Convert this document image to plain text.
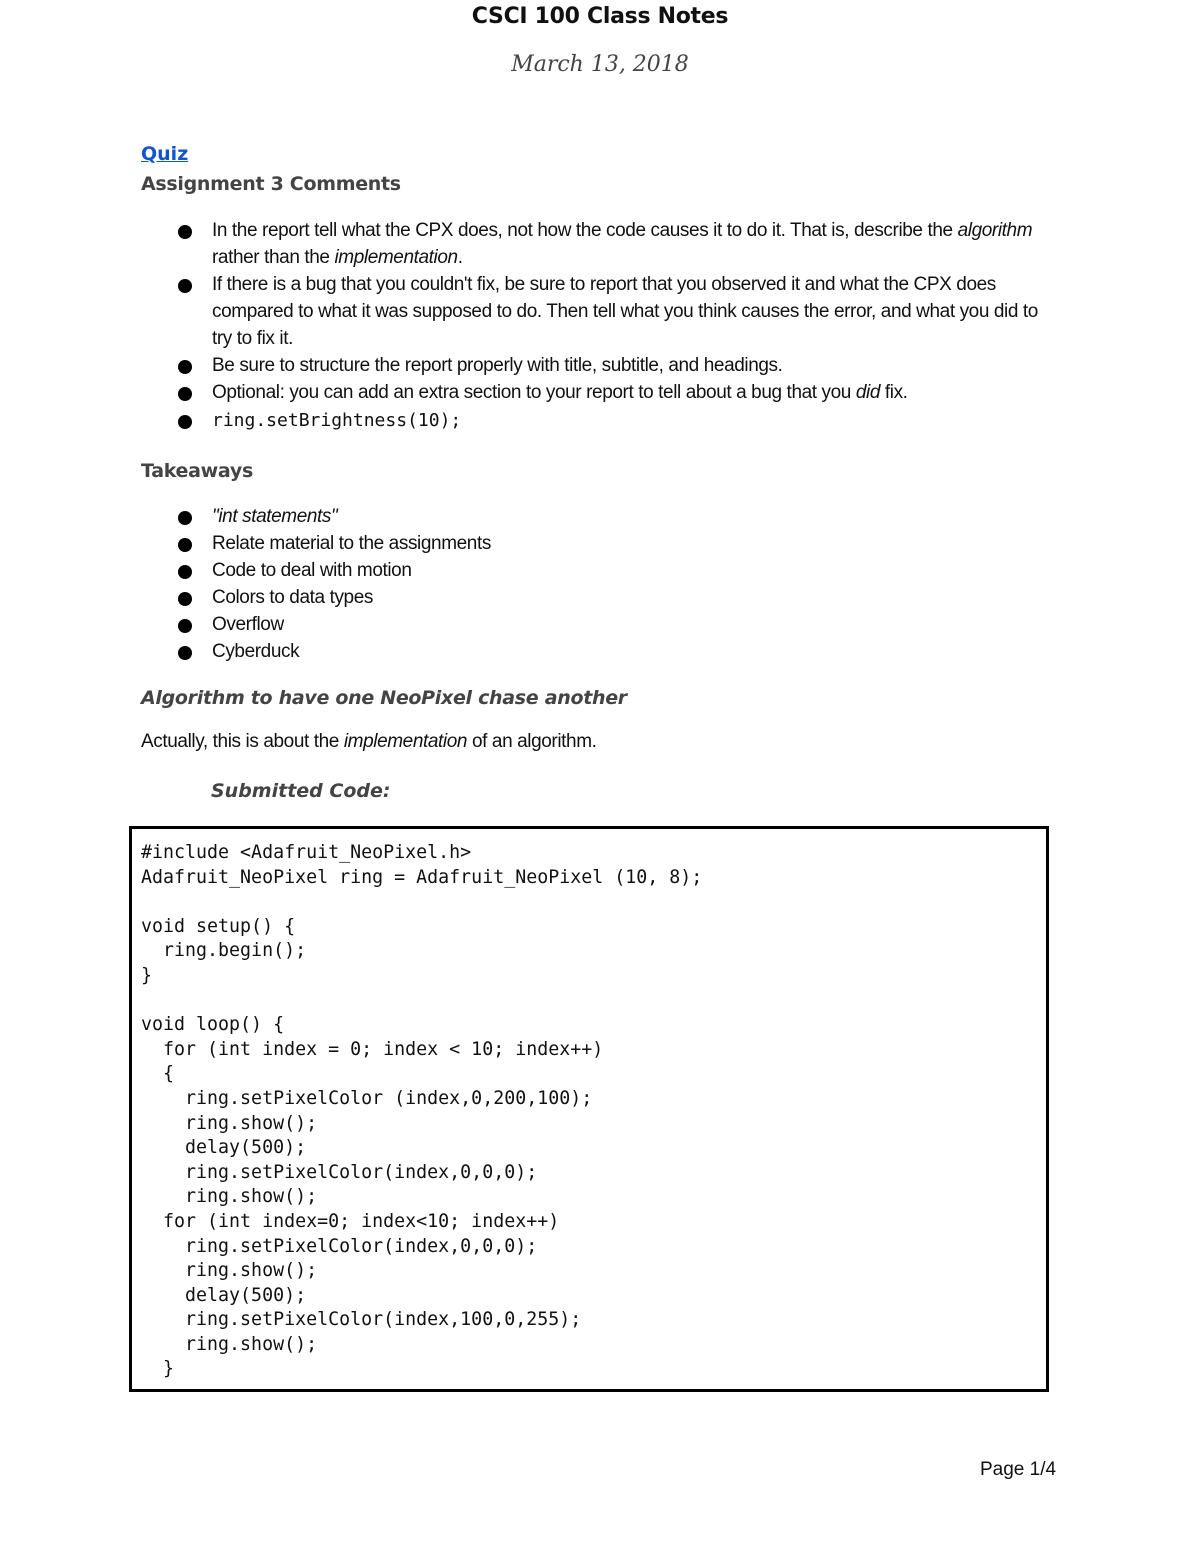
CSCI 100 Class Notes
March 13, 2018
Quiz
Assignment 3 Comments
In the report tell what the CPX does, not how the code causes it to do it. That is, describe the algorithm rather than the implementation.
If there is a bug that you couldn't fix, be sure to report that you observed it and what the CPX does compared to what it was supposed to do. Then tell what you think causes the error, and what you did to try to fix it.
Be sure to structure the report properly with title, subtitle, and headings.
Optional: you can add an extra section to your report to tell about a bug that you did fix.
ring.setBrightness(10);
Takeaways
"int statements"
Relate material to the assignments
Code to deal with motion
Colors to data types
Overflow
Cyberduck
Algorithm to have one NeoPixel chase another
Actually, this is about the implementation of an algorithm.
Submitted Code:
#include <Adafruit_NeoPixel.h>
Adafruit_NeoPixel ring = Adafruit_NeoPixel (10, 8);

void setup() {
ring.begin();
}

void loop() {
for (int index = 0; index < 10; index++)
{
ring.setPixelColor (index,0,200,100);
ring.show();
delay(500);
ring.setPixelColor(index,0,0,0);
ring.show();
for (int index=0; index<10; index++)
ring.setPixelColor(index,0,0,0);
ring.show();
delay(500);
ring.setPixelColor(index,100,0,255);
ring.show();
}
Page 1/4
